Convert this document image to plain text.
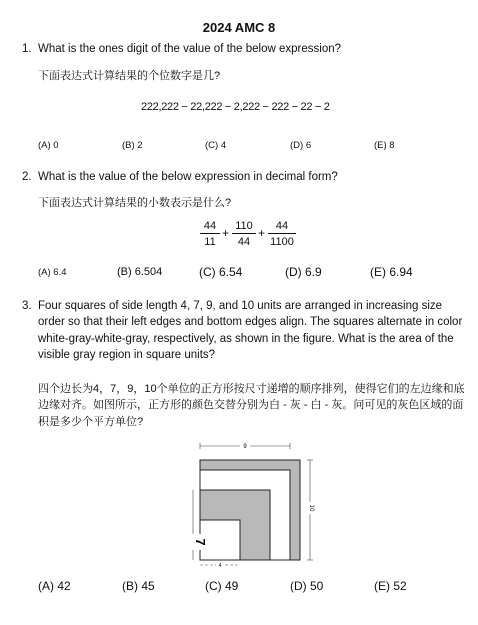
2024 AMC 8
1. What is the ones digit of the value of the below expression?
下面表达式计算结果的个位数字是几?
222,222 − 22,222 − 2,222 − 222 − 22 − 2
(A) 0	(B) 2	(C) 4	(D) 6	(E) 8
2. What is the value of the below expression in decimal form?
下面表达式计算结果的小数表示是什么?
$\frac{44}{11} + \frac{110}{44} + \frac{44}{1100}$
(A) 6.4	(B) 6.504	(C) 6.54	(D) 6.9	(E) 6.94
3. Four squares of side length 4, 7, 9, and 10 units are arranged in increasing size order so that their left edges and bottom edges align. The squares alternate in color white-gray-white-gray, respectively, as shown in the figure. What is the area of the visible gray region in square units?
四个边长为4，7，9，10个单位的正方形按尺寸递增的顺序排列，使得它们的左边缘和底边缘对齐。如图所示，正方形的颜色交替分别为白 - 灰 - 白 - 灰。问可见的灰色区域的面积是多少个平方单位?
9
10
7
4
(A) 42	(B) 45	(C) 49	(D) 50	(E) 52
